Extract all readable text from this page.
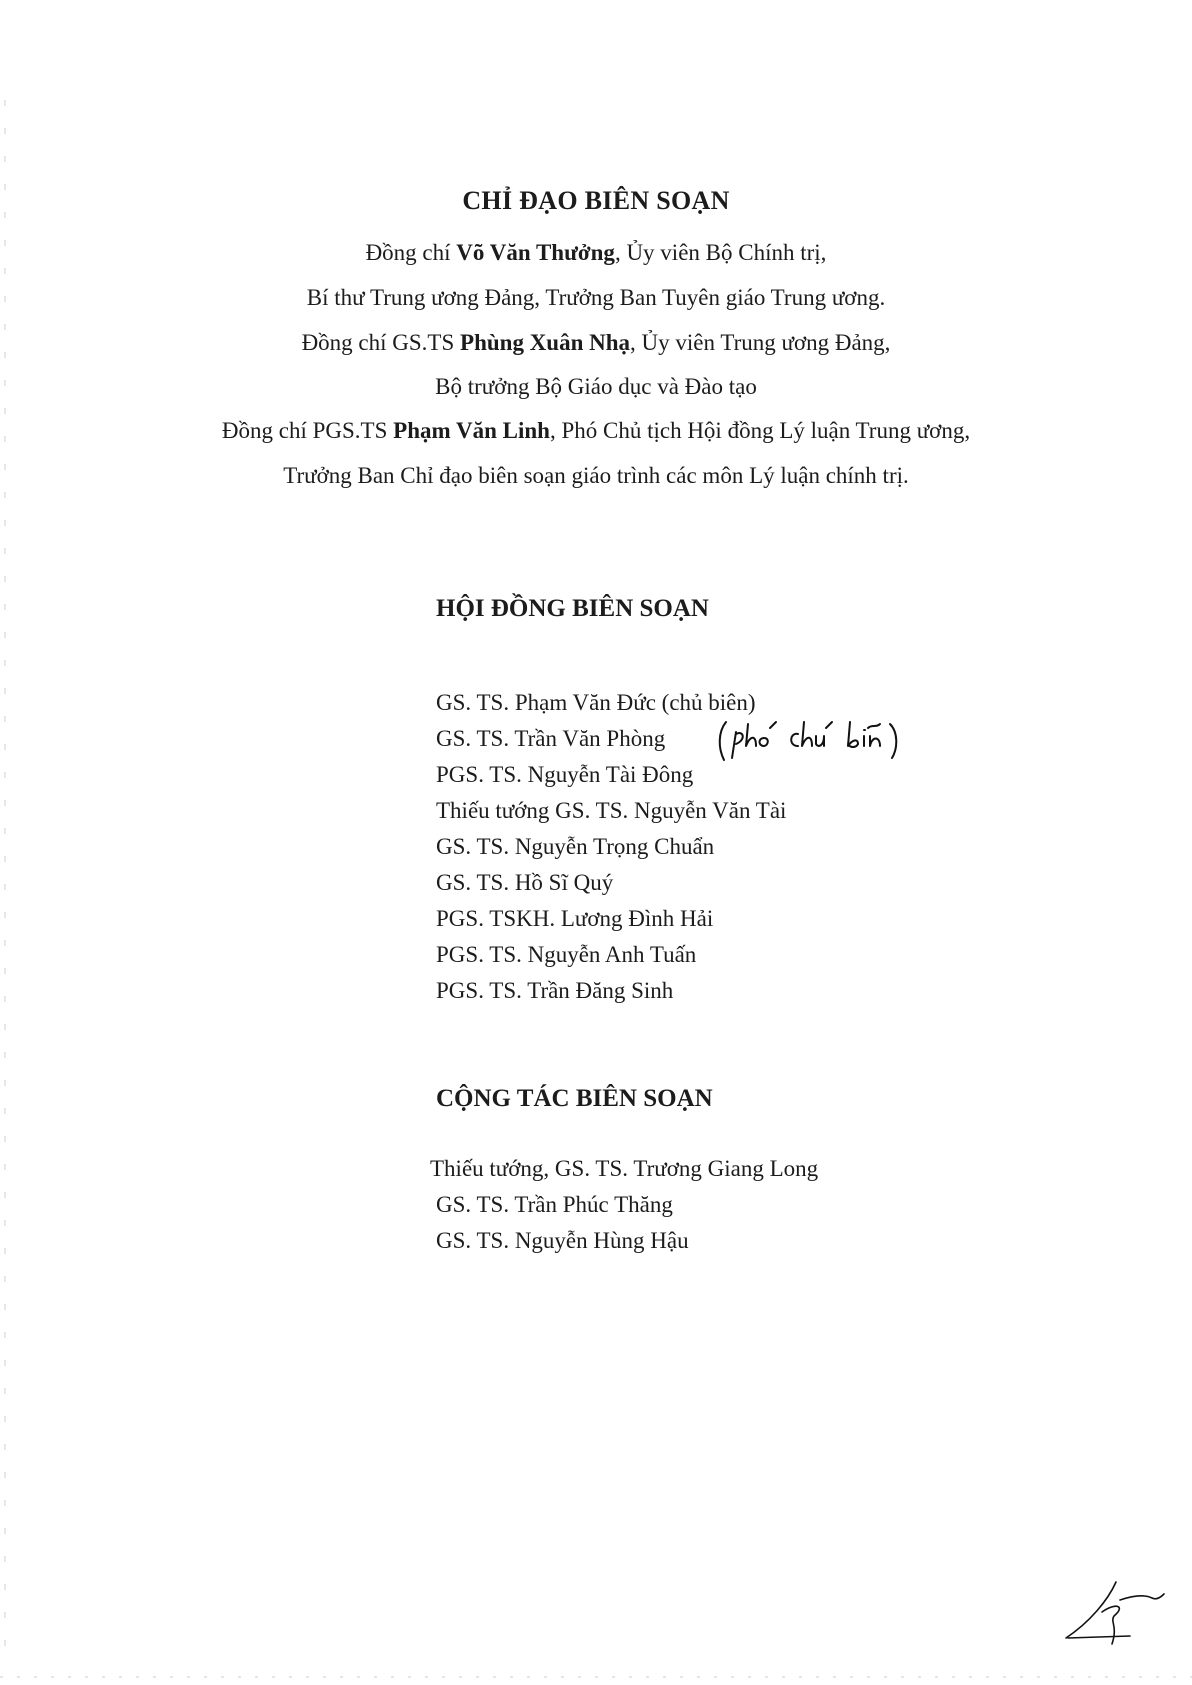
CHỈ ĐẠO BIÊN SOẠN
Đồng chí Võ Văn Thưởng, Ủy viên Bộ Chính trị,
Bí thư Trung ương Đảng, Trưởng Ban Tuyên giáo Trung ương.
Đồng chí GS.TS Phùng Xuân Nhạ, Ủy viên Trung ương Đảng,
Bộ trưởng Bộ Giáo dục và Đào tạo
Đồng chí PGS.TS Phạm Văn Linh, Phó Chủ tịch Hội đồng Lý luận Trung ương,
Trưởng Ban Chỉ đạo biên soạn giáo trình các môn Lý luận chính trị.
HỘI ĐỒNG BIÊN SOẠN
GS. TS. Phạm Văn Đức (chủ biên)
GS. TS. Trần Văn Phòng
PGS. TS. Nguyễn Tài Đông
Thiếu tướng GS. TS. Nguyễn Văn Tài
GS. TS. Nguyễn Trọng Chuẩn
GS. TS. Hồ Sĩ Quý
PGS. TSKH. Lương Đình Hải
PGS. TS. Nguyễn Anh Tuấn
PGS. TS. Trần Đăng Sinh
CỘNG TÁC BIÊN SOẠN
Thiếu tướng, GS. TS. Trương Giang Long
GS. TS. Trần Phúc Thăng
GS. TS. Nguyễn Hùng Hậu
